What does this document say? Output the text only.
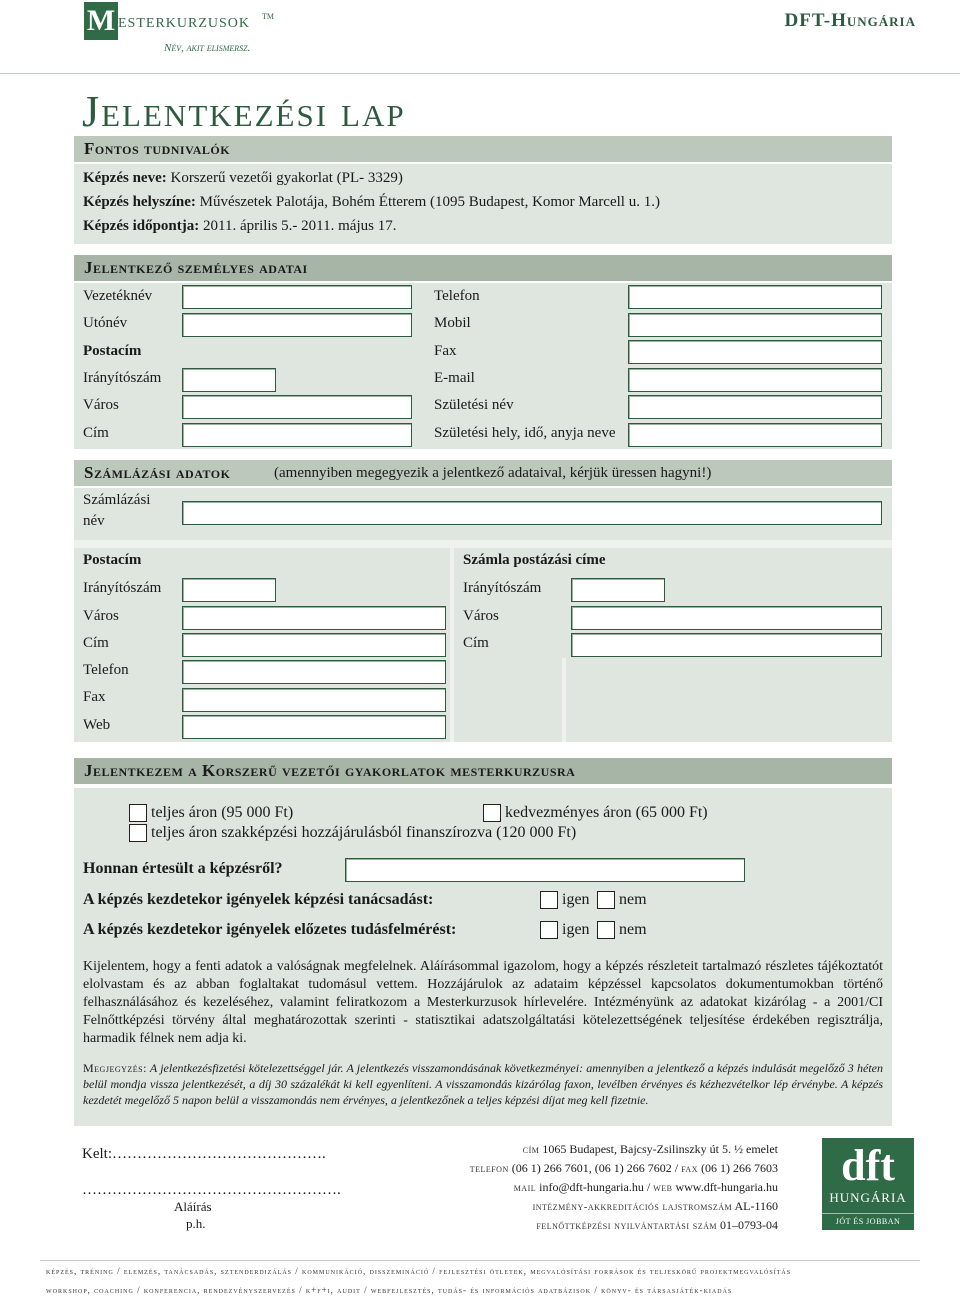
M esterkurzusok TM
Név, akit elismersz.
DFT-Hungária
Jelentkezési lap
Fontos tudnivalók
Képzés neve: Korszerű vezetői gyakorlat (PL- 3329)
Képzés helyszíne: Művészetek Palotája, Bohém Étterem (1095 Budapest, Komor Marcell u. 1.)
Képzés időpontja: 2011. április 5.- 2011. május 17.
Jelentkező személyes adatai
Vezetéknév
Utónév
Postacím
Irányítószám
Város
Cím
Telefon
Mobil
Fax
E-mail
Születési név
Születési hely, idő, anyja neve
Számlázási adatok	(amennyiben megegyezik a jelentkező adataival, kérjük üressen hagyni!)
Számlázási
név
Postacím
Irányítószám
Város
Cím
Telefon
Fax
Web
Számla postázási címe
Irányítószám
Város
Cím
Jelentkezem a Korszerű vezetői gyakorlatok mesterkurzusra
teljes áron (95 000 Ft)	kedvezményes áron (65 000 Ft)
teljes áron szakképzési hozzájárulásból finanszírozva (120 000 Ft)
Honnan értesült a képzésről?
A képzés kezdetekor igényelek képzési tanácsadást:	igen nem
A képzés kezdetekor igényelek előzetes tudásfelmérést:	igen nem
Kijelentem, hogy a fenti adatok a valóságnak megfelelnek. Aláírásommal igazolom, hogy a képzés részleteit tartalmazó részletes tájékoztatót elolvastam és az abban foglaltakat tudomásul vettem. Hozzájárulok az adataim képzéssel kapcsolatos dokumentumokban történő felhasználásához és kezeléséhez, valamint feliratkozom a Mesterkurzusok hírlevelére. Intézményünk az adatokat kizárólag - a 2001/CI Felnőttképzési törvény által meghatározottak szerinti - statisztikai adatszolgáltatási kötelezettségének teljesítése érdekében regisztrálja, harmadik félnek nem adja ki.
Megjegyzés: A jelentkezésfizetési kötelezettséggel jár. A jelentkezés visszamondásának következményei: amennyiben a jelentkező a képzés indulását megelőző 3 héten belül mondja vissza jelentkezését, a díj 30 százalékát ki kell egyenlíteni. A visszamondás kizárólag faxon, levélben érvényes és kézhezvételkor lép érvénybe. A képzés kezdetét megelőző 5 napon belül a visszamondás nem érvényes, a jelentkezőnek a teljes képzési díjat meg kell fizetnie.
Kelt:…………………………………….
…………………………………………….
Aláírás
p.h.
cím 1065 Budapest, Bajcsy-Zsilinszky út 5. ½ emelet
telefon (06 1) 266 7601, (06 1) 266 7602 / fax (06 1) 266 7603
mail info@dft-hungaria.hu / web www.dft-hungaria.hu
intézmény-akkreditációs lajstromszám AL-1160
felnőttképzési nyilvántartási szám 01–0793-04
dft
HUNGÁRIA
JÓT ÉS JOBBAN
képzés, tréning / elemzés, tanácsadás, sztenderdizálás / kommunikáció, disszemináció / fejlesztési ötletek, megvalósítási források és teljeskörű projektmegvalósítás
workshop, coaching / konferencia, rendezvényszervezés / k+f+i, audit / webfejlesztés, tudás- és információs adatbázisok / könyv- és társasjáték-kiadás
